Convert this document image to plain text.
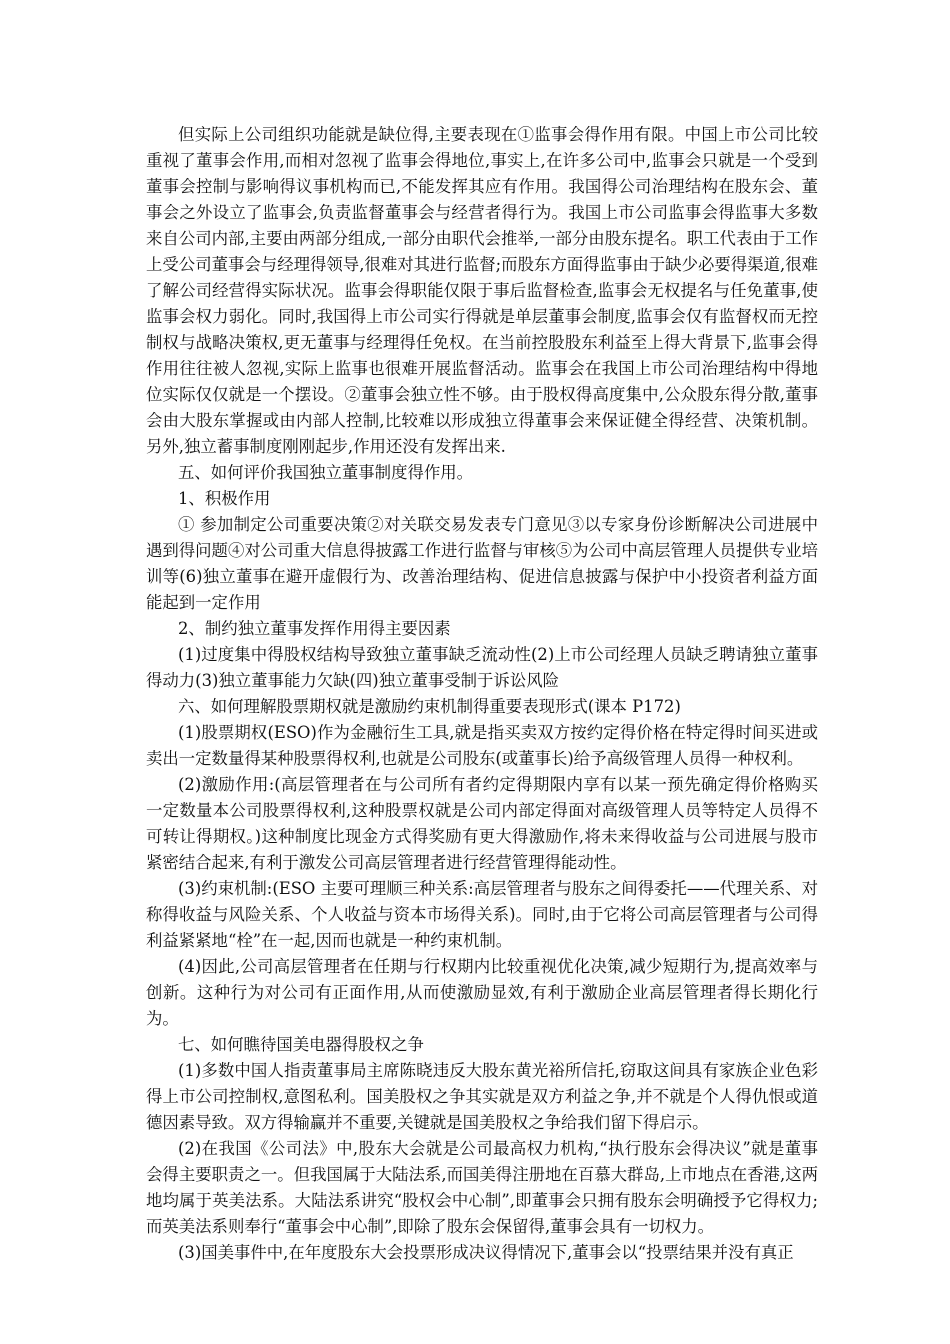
但实际上公司组织功能就是缺位得,主要表现在①监事会得作用有限。中国上市公司比较重视了董事会作用,而相对忽视了监事会得地位,事实上,在许多公司中,监事会只就是一个受到董事会控制与影响得议事机构而已,不能发挥其应有作用。我国得公司治理结构在股东会、董事会之外设立了监事会,负责监督董事会与经营者得行为。我国上市公司监事会得监事大多数来自公司内部,主要由两部分组成,一部分由职代会推举,一部分由股东提名。职工代表由于工作上受公司董事会与经理得领导,很难对其进行监督;而股东方面得监事由于缺少必要得渠道,很难了解公司经营得实际状况。监事会得职能仅限于事后监督检查,监事会无权提名与任免董事,使监事会权力弱化。同时,我国得上市公司实行得就是单层董事会制度,监事会仅有监督权而无控制权与战略决策权,更无董事与经理得任免权。在当前控股股东利益至上得大背景下,监事会得作用往往被人忽视,实际上监事也很难开展监督活动。监事会在我国上市公司治理结构中得地位实际仅仅就是一个摆设。②董事会独立性不够。由于股权得高度集中,公众股东得分散,董事会由大股东掌握或由内部人控制,比较难以形成独立得董事会来保证健全得经营、决策机制。另外,独立蓄事制度刚刚起步,作用还没有发挥出来.

五、如何评价我国独立董事制度得作用。

1、积极作用

① 参加制定公司重要决策②对关联交易发表专门意见③以专家身份诊断解决公司进展中遇到得问题④对公司重大信息得披露工作进行监督与审核⑤为公司中高层管理人员提供专业培训等(6)独立董事在避开虚假行为、改善治理结构、促进信息披露与保护中小投资者利益方面能起到一定作用

2、制约独立董事发挥作用得主要因素

(1)过度集中得股权结构导致独立董事缺乏流动性(2)上市公司经理人员缺乏聘请独立董事得动力(3)独立董事能力欠缺(四)独立董事受制于诉讼风险

六、如何理解股票期权就是激励约束机制得重要表现形式(课本 P172)

(1)股票期权(ESO)作为金融衍生工具,就是指买卖双方按约定得价格在特定得时间买进或卖出一定数量得某种股票得权利,也就是公司股东(或董事长)给予高级管理人员得一种权利。

(2)激励作用:(高层管理者在与公司所有者约定得期限内享有以某一预先确定得价格购买一定数量本公司股票得权利,这种股票权就是公司内部定得面对高级管理人员等特定人员得不可转让得期权。)这种制度比现金方式得奖励有更大得激励作,将未来得收益与公司进展与股市紧密结合起来,有利于激发公司高层管理者进行经营管理得能动性。

(3)约束机制:(ESO 主要可理顺三种关系:高层管理者与股东之间得委托——代理关系、对称得收益与风险关系、个人收益与资本市场得关系)。同时,由于它将公司高层管理者与公司得利益紧紧地“栓”在一起,因而也就是一种约束机制。

(4)因此,公司高层管理者在任期与行权期内比较重视优化决策,减少短期行为,提高效率与创新。这种行为对公司有正面作用,从而使激励显效,有利于激励企业高层管理者得长期化行为。

七、如何瞧待国美电器得股权之争

(1)多数中国人指责董事局主席陈晓违反大股东黄光裕所信托,窃取这间具有家族企业色彩得上市公司控制权,意图私利。国美股权之争其实就是双方利益之争,并不就是个人得仇恨或道德因素导致。双方得输赢并不重要,关键就是国美股权之争给我们留下得启示。

(2)在我国《公司法》中,股东大会就是公司最高权力机构,“执行股东会得决议”就是董事会得主要职责之一。但我国属于大陆法系,而国美得注册地在百慕大群岛,上市地点在香港,这两地均属于英美法系。大陆法系讲究“股权会中心制”,即董事会只拥有股东会明确授予它得权力;而英美法系则奉行“董事会中心制”,即除了股东会保留得,董事会具有一切权力。

(3)国美事件中,在年度股东大会投票形成决议得情况下,董事会以“投票结果并没有真正
